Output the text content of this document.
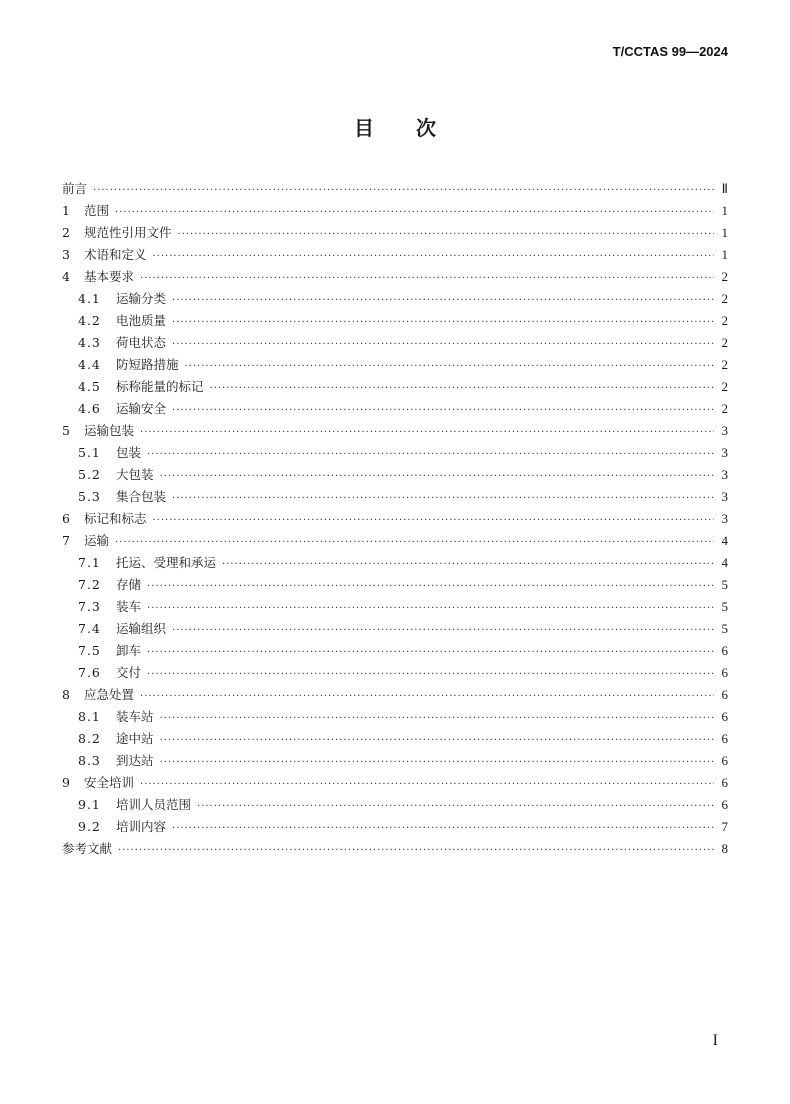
T/CCTAS 99—2024
目 次
前言 ·····	Ⅱ
1	范围 ·····	1
2	规范性引用文件 ·····	1
3	术语和定义 ·····	1
4	基本要求 ·····	2
4.1	运输分类 ·····	2
4.2	电池质量 ·····	2
4.3	荷电状态 ·····	2
4.4	防短路措施 ·····	2
4.5	标称能量的标记 ·····	2
4.6	运输安全 ·····	2
5	运输包装 ·····	3
5.1	包装 ·····	3
5.2	大包装 ·····	3
5.3	集合包装 ·····	3
6	标记和标志 ·····	3
7	运输 ·····	4
7.1	托运、受理和承运 ·····	4
7.2	存储 ·····	5
7.3	装车 ·····	5
7.4	运输组织 ·····	5
7.5	卸车 ·····	6
7.6	交付 ·····	6
8	应急处置 ·····	6
8.1	装车站 ·····	6
8.2	途中站 ·····	6
8.3	到达站 ·····	6
9	安全培训 ·····	6
9.1	培训人员范围 ·····	6
9.2	培训内容 ·····	7
参考文献 ·····	8
I
